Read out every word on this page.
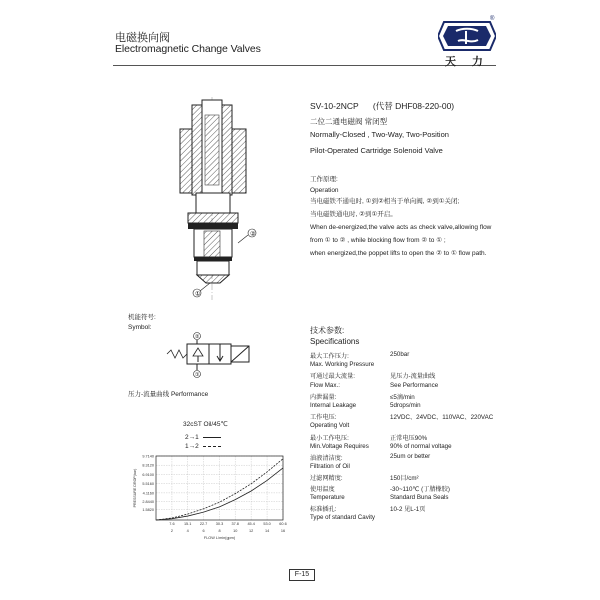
电磁换向阀
Electromagnetic Change Valves
®
天 力
①
②
SV-10-2NCP (代替 DHF08-220-00)
二位二通电磁阀 常闭型
Normally-Closed , Two-Way, Two-Position
Pilot-Operated Cartridge Solenoid Valve
工作原理:
Operation
当电磁铁不通电时, ①到②相当于单向阀, ②到①关闭;
当电磁铁通电时, ②到①开启。
When de-energized,the valve acts as check valve,allowing flow
from ① to ② , while blocking flow from ② to ① ;
when energized,the poppet lifts to open the ② to ① flow path.
机能符号:
Symbol:
②
①
压力-流量曲线 Performance
32cST Oil/45℃
2→1
1→2
1.5820
2.8440
4.1160
5.5160
6.9100
8.3120
9.7140
7.6
2
15.1
4
22.7
6
30.3
8
37.8
10
45.4
12
53.0
14
60.6
16
PRESSURE DROP(bar)
FLOW L/min(gpm)
技术参数:
Specifications
最大工作压力:	250bar
Max. Working Pressure
可通过最大流量:	见压力-流量曲线
Flow Max.:	See Performance
内泄漏量:	≤5滴/min
Internal Leakage	5drops/min
工作电压:	12VDC、24VDC、110VAC、220VAC
Operating Volt
最小工作电压:	正常电压90%
Min.Voltage Requires	90% of normal voltage
油液清洁度:	25um or better
Filtration of Oil
过滤网精度:	150目/cm²
使用温度	-30~110℃ (丁腈橡胶)
Temperature	Standard Buna Seals
标准插孔:	10-2 见L-1页
Type of standard Cavity
F-15
